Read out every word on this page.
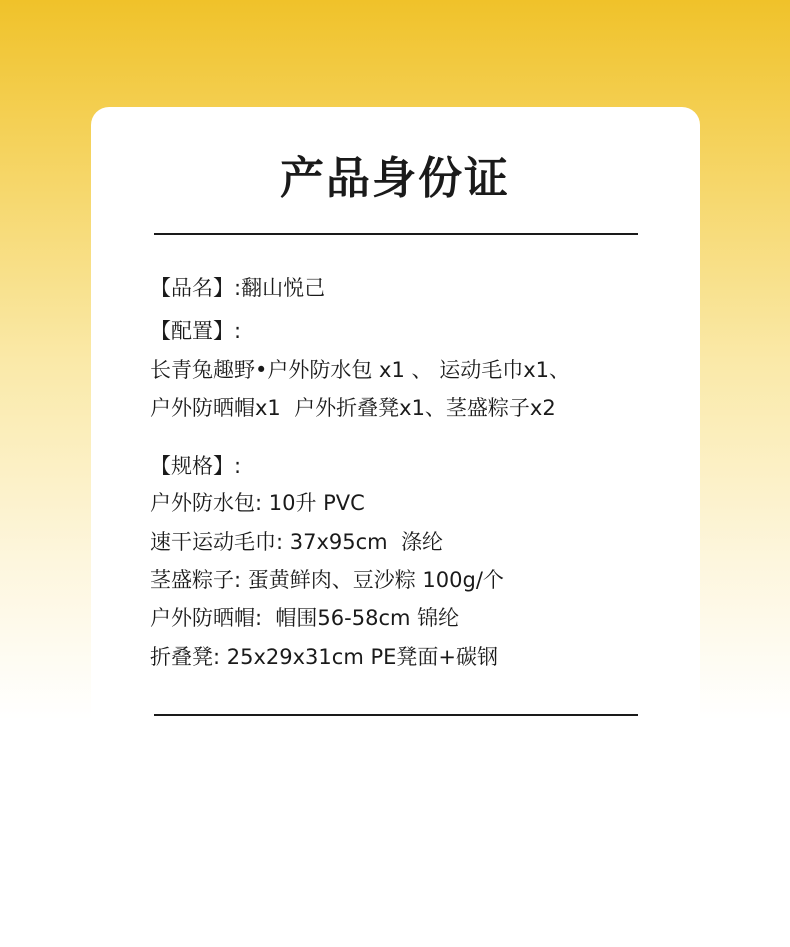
产品身份证
【品名】:翻山悦己
【配置】:
长青兔趣野•户外防水包 x1 、 运动毛巾x1、
户外防晒帽x1  户外折叠凳x1、茎盛粽子x2
【规格】:
户外防水包: 10升 PVC
速干运动毛巾: 37x95cm  涤纶
茎盛粽子: 蛋黄鲜肉、豆沙粽 100g/个
户外防晒帽:  帽围56-58cm 锦纶
折叠凳: 25x29x31cm PE凳面+碳钢
